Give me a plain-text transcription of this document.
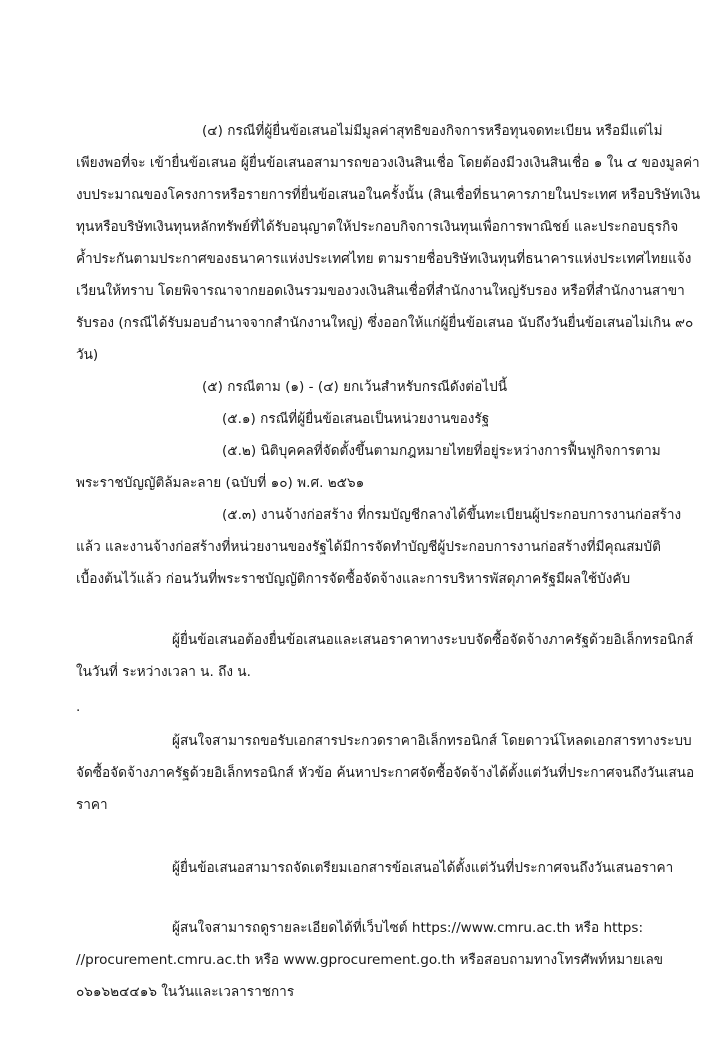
(๔) กรณีที่ผู้ยื่นข้อเสนอไม่มีมูลค่าสุทธิของกิจการหรือทุนจดทะเบียน หรือมีแต่ไม่
เพียงพอที่จะ เข้ายื่นข้อเสนอ ผู้ยื่นข้อเสนอสามารถขอวงเงินสินเชื่อ โดยต้องมีวงเงินสินเชื่อ ๑ ใน ๔ ของมูลค่า
งบประมาณของโครงการหรือรายการที่ยื่นข้อเสนอในครั้งนั้น (สินเชื่อที่ธนาคารภายในประเทศ หรือบริษัทเงิน
ทุนหรือบริษัทเงินทุนหลักทรัพย์ที่ได้รับอนุญาตให้ประกอบกิจการเงินทุนเพื่อการพาณิชย์ และประกอบธุรกิจ
ค้ำประกันตามประกาศของธนาคารแห่งประเทศไทย ตามรายชื่อบริษัทเงินทุนที่ธนาคารแห่งประเทศไทยแจ้ง
เวียนให้ทราบ โดยพิจารณาจากยอดเงินรวมของวงเงินสินเชื่อที่สำนักงานใหญ่รับรอง หรือที่สำนักงานสาขา
รับรอง (กรณีได้รับมอบอำนาจจากสำนักงานใหญ่) ซึ่งออกให้แก่ผู้ยื่นข้อเสนอ นับถึงวันยื่นข้อเสนอไม่เกิน ๙๐
วัน)
(๕) กรณีตาม (๑) - (๔) ยกเว้นสำหรับกรณีดังต่อไปนี้
(๕.๑) กรณีที่ผู้ยื่นข้อเสนอเป็นหน่วยงานของรัฐ
(๕.๒) นิติบุคคลที่จัดตั้งขึ้นตามกฎหมายไทยที่อยู่ระหว่างการฟื้นฟูกิจการตาม
พระราชบัญญัติล้มละลาย (ฉบับที่ ๑๐) พ.ศ. ๒๕๖๑
(๕.๓) งานจ้างก่อสร้าง ที่กรมบัญชีกลางได้ขึ้นทะเบียนผู้ประกอบการงานก่อสร้าง
แล้ว และงานจ้างก่อสร้างที่หน่วยงานของรัฐได้มีการจัดทำบัญชีผู้ประกอบการงานก่อสร้างที่มีคุณสมบัติ
เบื้องต้นไว้แล้ว ก่อนวันที่พระราชบัญญัติการจัดซื้อจัดจ้างและการบริหารพัสดุภาครัฐมีผลใช้บังคับ
ผู้ยื่นข้อเสนอต้องยื่นข้อเสนอและเสนอราคาทางระบบจัดซื้อจัดจ้างภาครัฐด้วยอิเล็กทรอนิกส์
ในวันที่ ระหว่างเวลา น. ถึง น.
.
ผู้สนใจสามารถขอรับเอกสารประกวดราคาอิเล็กทรอนิกส์ โดยดาวน์โหลดเอกสารทางระบบ
จัดซื้อจัดจ้างภาครัฐด้วยอิเล็กทรอนิกส์ หัวข้อ ค้นหาประกาศจัดซื้อจัดจ้างได้ตั้งแต่วันที่ประกาศจนถึงวันเสนอ
ราคา
ผู้ยื่นข้อเสนอสามารถจัดเตรียมเอกสารข้อเสนอได้ตั้งแต่วันที่ประกาศจนถึงวันเสนอราคา
ผู้สนใจสามารถดูรายละเอียดได้ที่เว็บไซต์ https://www.cmru.ac.th หรือ https:
//procurement.cmru.ac.th หรือ www.gprocurement.go.th หรือสอบถามทางโทรศัพท์หมายเลข
๐๖๑๖๒๔๔๑๖ ในวันและเวลาราชการ
